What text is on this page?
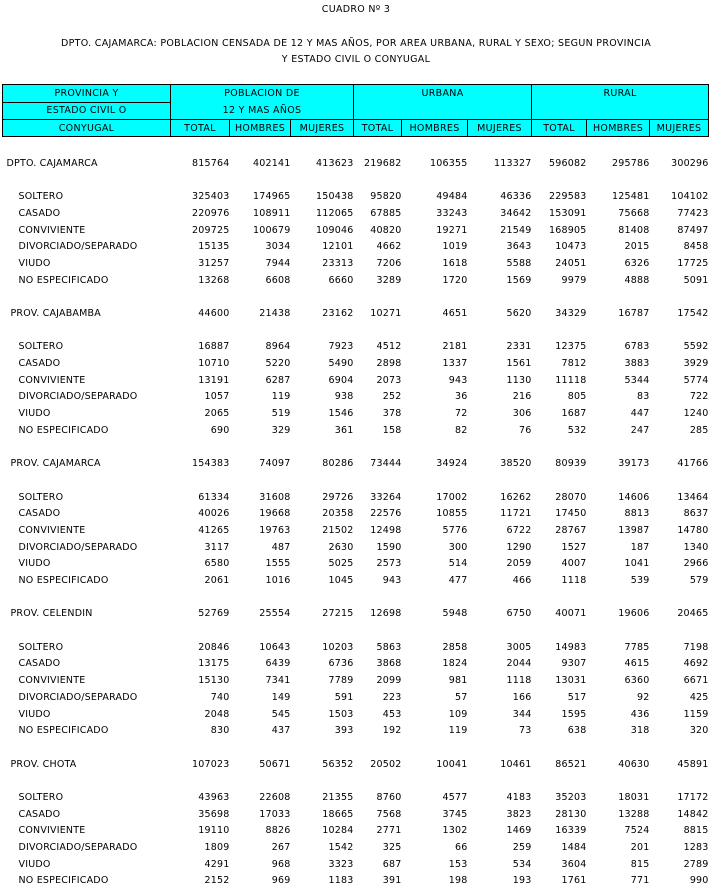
CUADRO Nº 3
DPTO. CAJAMARCA: POBLACION CENSADA DE 12 Y MAS AÑOS, POR AREA URBANA, RURAL Y SEXO; SEGUN PROVINCIA
Y ESTADO CIVIL O CONYUGAL
PROVINCIA Y	POBLACION DE
12 Y MAS AÑOS			URBANA			RURAL		
ESTADO CIVIL O									
CONYUGAL	TOTAL	HOMBRES	MUJERES	TOTAL	HOMBRES	MUJERES	TOTAL	HOMBRES	MUJERES

DPTO. CAJAMARCA	815764	402141	413623	219682	106355	113327	596082	295786	300296

SOLTERO	325403	174965	150438	95820	49484	46336	229583	125481	104102
CASADO	220976	108911	112065	67885	33243	34642	153091	75668	77423
CONVIVIENTE	209725	100679	109046	40820	19271	21549	168905	81408	87497
DIVORCIADO/SEPARADO	15135	3034	12101	4662	1019	3643	10473	2015	8458
VIUDO	31257	7944	23313	7206	1618	5588	24051	6326	17725
NO ESPECIFICADO	13268	6608	6660	3289	1720	1569	9979	4888	5091

PROV. CAJABAMBA	44600	21438	23162	10271	4651	5620	34329	16787	17542

SOLTERO	16887	8964	7923	4512	2181	2331	12375	6783	5592
CASADO	10710	5220	5490	2898	1337	1561	7812	3883	3929
CONVIVIENTE	13191	6287	6904	2073	943	1130	11118	5344	5774
DIVORCIADO/SEPARADO	1057	119	938	252	36	216	805	83	722
VIUDO	2065	519	1546	378	72	306	1687	447	1240
NO ESPECIFICADO	690	329	361	158	82	76	532	247	285

PROV. CAJAMARCA	154383	74097	80286	73444	34924	38520	80939	39173	41766

SOLTERO	61334	31608	29726	33264	17002	16262	28070	14606	13464
CASADO	40026	19668	20358	22576	10855	11721	17450	8813	8637
CONVIVIENTE	41265	19763	21502	12498	5776	6722	28767	13987	14780
DIVORCIADO/SEPARADO	3117	487	2630	1590	300	1290	1527	187	1340
VIUDO	6580	1555	5025	2573	514	2059	4007	1041	2966
NO ESPECIFICADO	2061	1016	1045	943	477	466	1118	539	579

PROV. CELENDIN	52769	25554	27215	12698	5948	6750	40071	19606	20465

SOLTERO	20846	10643	10203	5863	2858	3005	14983	7785	7198
CASADO	13175	6439	6736	3868	1824	2044	9307	4615	4692
CONVIVIENTE	15130	7341	7789	2099	981	1118	13031	6360	6671
DIVORCIADO/SEPARADO	740	149	591	223	57	166	517	92	425
VIUDO	2048	545	1503	453	109	344	1595	436	1159
NO ESPECIFICADO	830	437	393	192	119	73	638	318	320

PROV. CHOTA	107023	50671	56352	20502	10041	10461	86521	40630	45891

SOLTERO	43963	22608	21355	8760	4577	4183	35203	18031	17172
CASADO	35698	17033	18665	7568	3745	3823	28130	13288	14842
CONVIVIENTE	19110	8826	10284	2771	1302	1469	16339	7524	8815
DIVORCIADO/SEPARADO	1809	267	1542	325	66	259	1484	201	1283
VIUDO	4291	968	3323	687	153	534	3604	815	2789
NO ESPECIFICADO	2152	969	1183	391	198	193	1761	771	990
